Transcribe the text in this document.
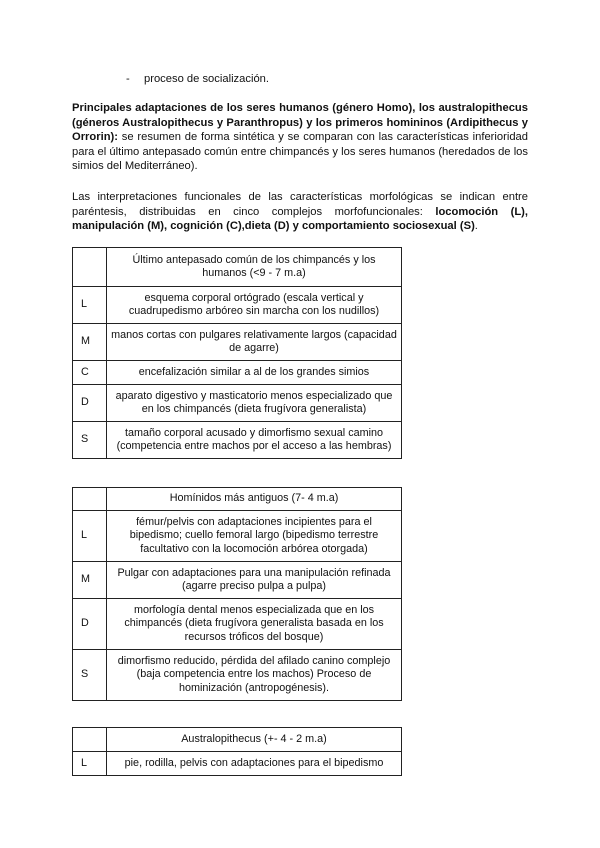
- proceso de socialización.
Principales adaptaciones de los seres humanos (género Homo), los australopithecus (géneros Australopithecus y Paranthropus) y los primeros homininos (Ardipithecus y Orrorin): se resumen de forma sintética y se comparan con las características inferioridad para el último antepasado común entre chimpancés y los seres humanos (heredados de los simios del Mediterráneo).
Las interpretaciones funcionales de las características morfológicas se indican entre paréntesis, distribuidas en cinco complejos morfofuncionales: locomoción (L), manipulación (M), cognición (C),dieta (D) y comportamiento sociosexual (S).
	Último antepasado común de los chimpancés y los humanos (<9 - 7 m.a)
L	esquema corporal ortógrado (escala vertical y cuadrupedismo arbóreo sin marcha con los nudillos)
M	manos cortas con pulgares relativamente largos (capacidad de agarre)
C	encefalización similar a al de los grandes simios
D	aparato digestivo y masticatorio menos especializado que en los chimpancés (dieta frugívora generalista)
S	tamaño corporal acusado y dimorfismo sexual camino (competencia entre machos por el acceso a las hembras)
	Homínidos más antiguos (7- 4 m.a)
L	fémur/pelvis con adaptaciones incipientes para el bipedismo; cuello femoral largo (bipedismo terrestre facultativo con la locomoción arbórea otorgada)
M	Pulgar con adaptaciones para una manipulación refinada (agarre preciso pulpa a pulpa)
D	morfología dental menos especializada que en los chimpancés (dieta frugívora generalista basada en los recursos tróficos del bosque)
S	dimorfismo reducido, pérdida del afilado canino complejo (baja competencia entre los machos) Proceso de hominización (antropogénesis).
	Australopithecus (+- 4 - 2 m.a)
L	pie, rodilla, pelvis con adaptaciones para el bipedismo
